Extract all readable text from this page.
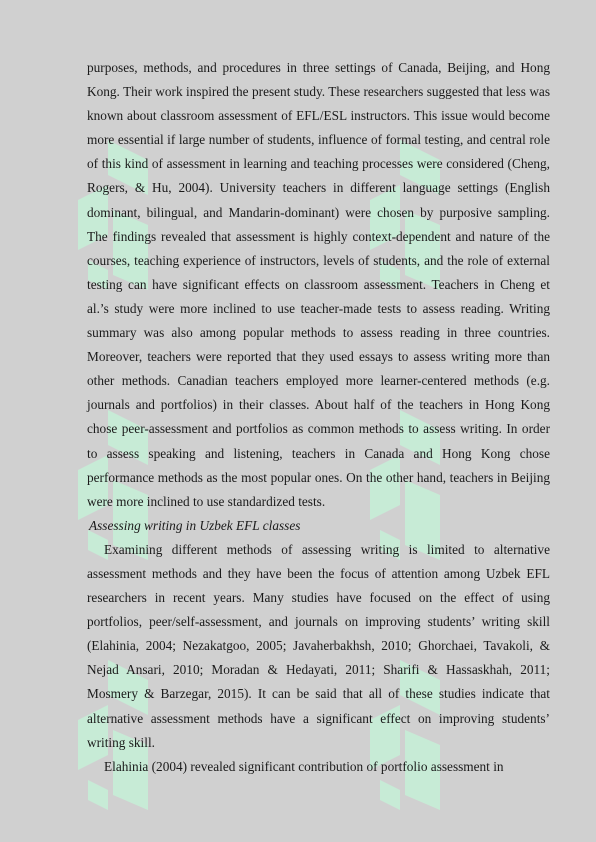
purposes, methods, and procedures in three settings of Canada, Beijing, and Hong Kong. Their work inspired the present study. These researchers suggested that less was known about classroom assessment of EFL/ESL instructors. This issue would become more essential if large number of students, influence of formal testing, and central role of this kind of assessment in learning and teaching processes were considered (Cheng, Rogers, & Hu, 2004). University teachers in different language settings (English dominant, bilingual, and Mandarin-dominant) were chosen by purposive sampling. The findings revealed that assessment is highly context-dependent and nature of the courses, teaching experience of instructors, levels of students, and the role of external testing can have significant effects on classroom assessment. Teachers in Cheng et al.’s study were more inclined to use teacher-made tests to assess reading. Writing summary was also among popular methods to assess reading in three countries. Moreover, teachers were reported that they used essays to assess writing more than other methods. Canadian teachers employed more learner-centered methods (e.g. journals and portfolios) in their classes. About half of the teachers in Hong Kong chose peer-assessment and portfolios as common methods to assess writing. In order to assess speaking and listening, teachers in Canada and Hong Kong chose performance methods as the most popular ones. On the other hand, teachers in Beijing were more inclined to use standardized tests.

Assessing writing in Uzbek EFL classes

Examining different methods of assessing writing is limited to alternative assessment methods and they have been the focus of attention among Uzbek EFL researchers in recent years. Many studies have focused on the effect of using portfolios, peer/self-assessment, and journals on improving students’ writing skill (Elahinia, 2004; Nezakatgoo, 2005; Javaherbakhsh, 2010; Ghorchaei, Tavakoli, & Nejad Ansari, 2010; Moradan & Hedayati, 2011; Sharifi & Hassaskhah, 2011; Mosmery & Barzegar, 2015). It can be said that all of these studies indicate that alternative assessment methods have a significant effect on improving students’ writing skill.

Elahinia (2004) revealed significant contribution of portfolio assessment in
